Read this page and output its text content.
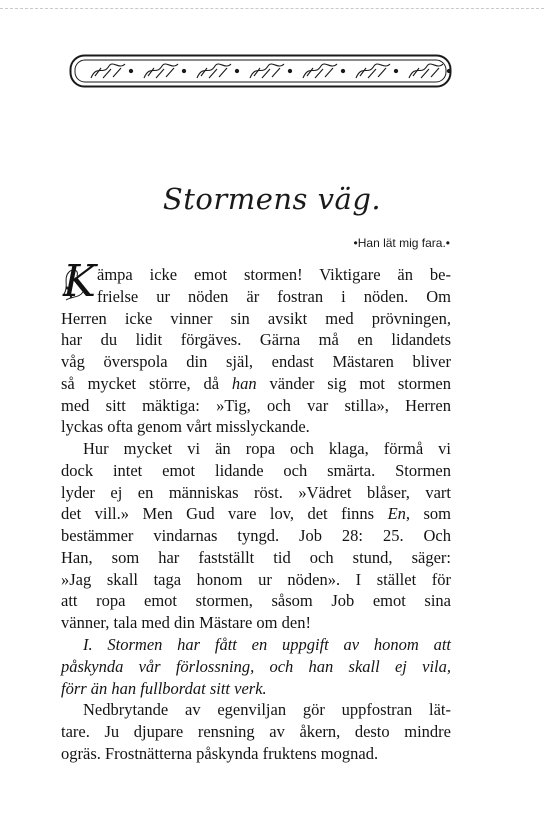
Stormens väg.
•Han lät mig fara.•
K ämpa icke emot stormen! Viktigare än be-
frielse ur nöden är fostran i nöden. Om
Herren icke vinner sin avsikt med prövningen,
har du lidit förgäves. Gärna må en lidandets
våg överspola din själ, endast Mästaren bliver
så mycket större, då han vänder sig mot stormen
med sitt mäktiga: »Tig, och var stilla», Herren
lyckas ofta genom vårt misslyckande.
Hur mycket vi än ropa och klaga, förmå vi
dock intet emot lidande och smärta. Stormen
lyder ej en människas röst. »Vädret blåser, vart
det vill.» Men Gud vare lov, det finns En, som
bestämmer vindarnas tyngd. Job 28: 25. Och
Han, som har fastställt tid och stund, säger:
»Jag skall taga honom ur nöden». I stället för
att ropa emot stormen, såsom Job emot sina
vänner, tala med din Mästare om den!
I. Stormen har fått en uppgift av honom att
påskynda vår förlossning, och han skall ej vila,
förr än han fullbordat sitt verk.
Nedbrytande av egenviljan gör uppfostran lät-
tare. Ju djupare rensning av åkern, desto mindre
ogräs. Frostnätterna påskynda fruktens mognad.
